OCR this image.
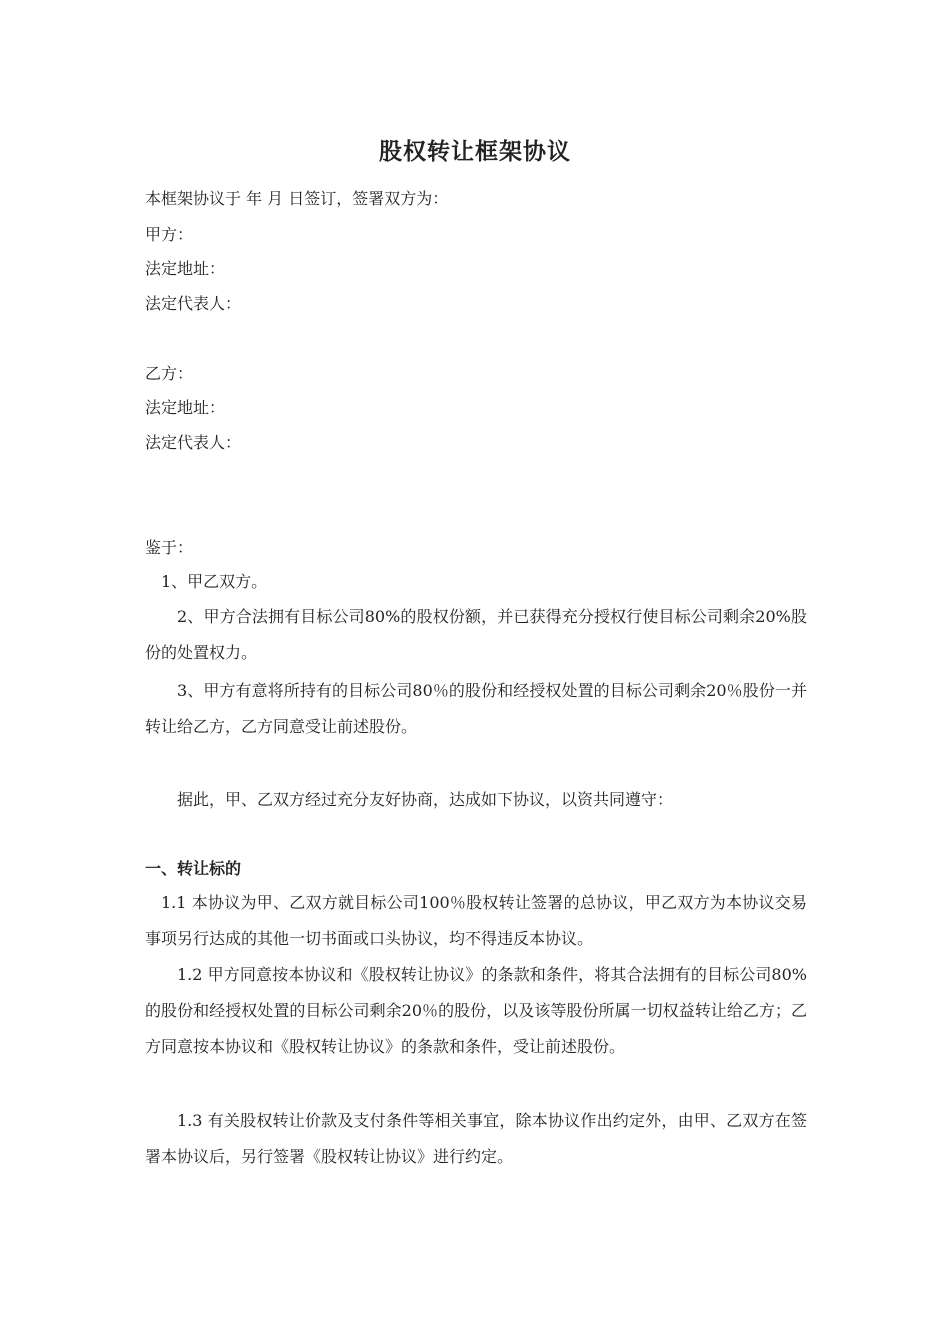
股权转让框架协议
本框架协议于 年 月 日签订，签署双方为：
甲方：
法定地址：
法定代表人：
乙方：
法定地址：
法定代表人：
鉴于：
1、甲乙双方。
2、甲方合法拥有目标公司80%的股权份额，并已获得充分授权行使目标公司剩余20%股份的处置权力。
3、甲方有意将所持有的目标公司80％的股份和经授权处置的目标公司剩余20％股份一并转让给乙方，乙方同意受让前述股份。
据此，甲、乙双方经过充分友好协商，达成如下协议，以资共同遵守：
一、转让标的
1.1 本协议为甲、乙双方就目标公司100％股权转让签署的总协议，甲乙双方为本协议交易事项另行达成的其他一切书面或口头协议，均不得违反本协议。
1.2 甲方同意按本协议和《股权转让协议》的条款和条件，将其合法拥有的目标公司80%的股份和经授权处置的目标公司剩余20％的股份，以及该等股份所属一切权益转让给乙方；乙方同意按本协议和《股权转让协议》的条款和条件，受让前述股份。
1.3 有关股权转让价款及支付条件等相关事宜，除本协议作出约定外，由甲、乙双方在签署本协议后，另行签署《股权转让协议》进行约定。
